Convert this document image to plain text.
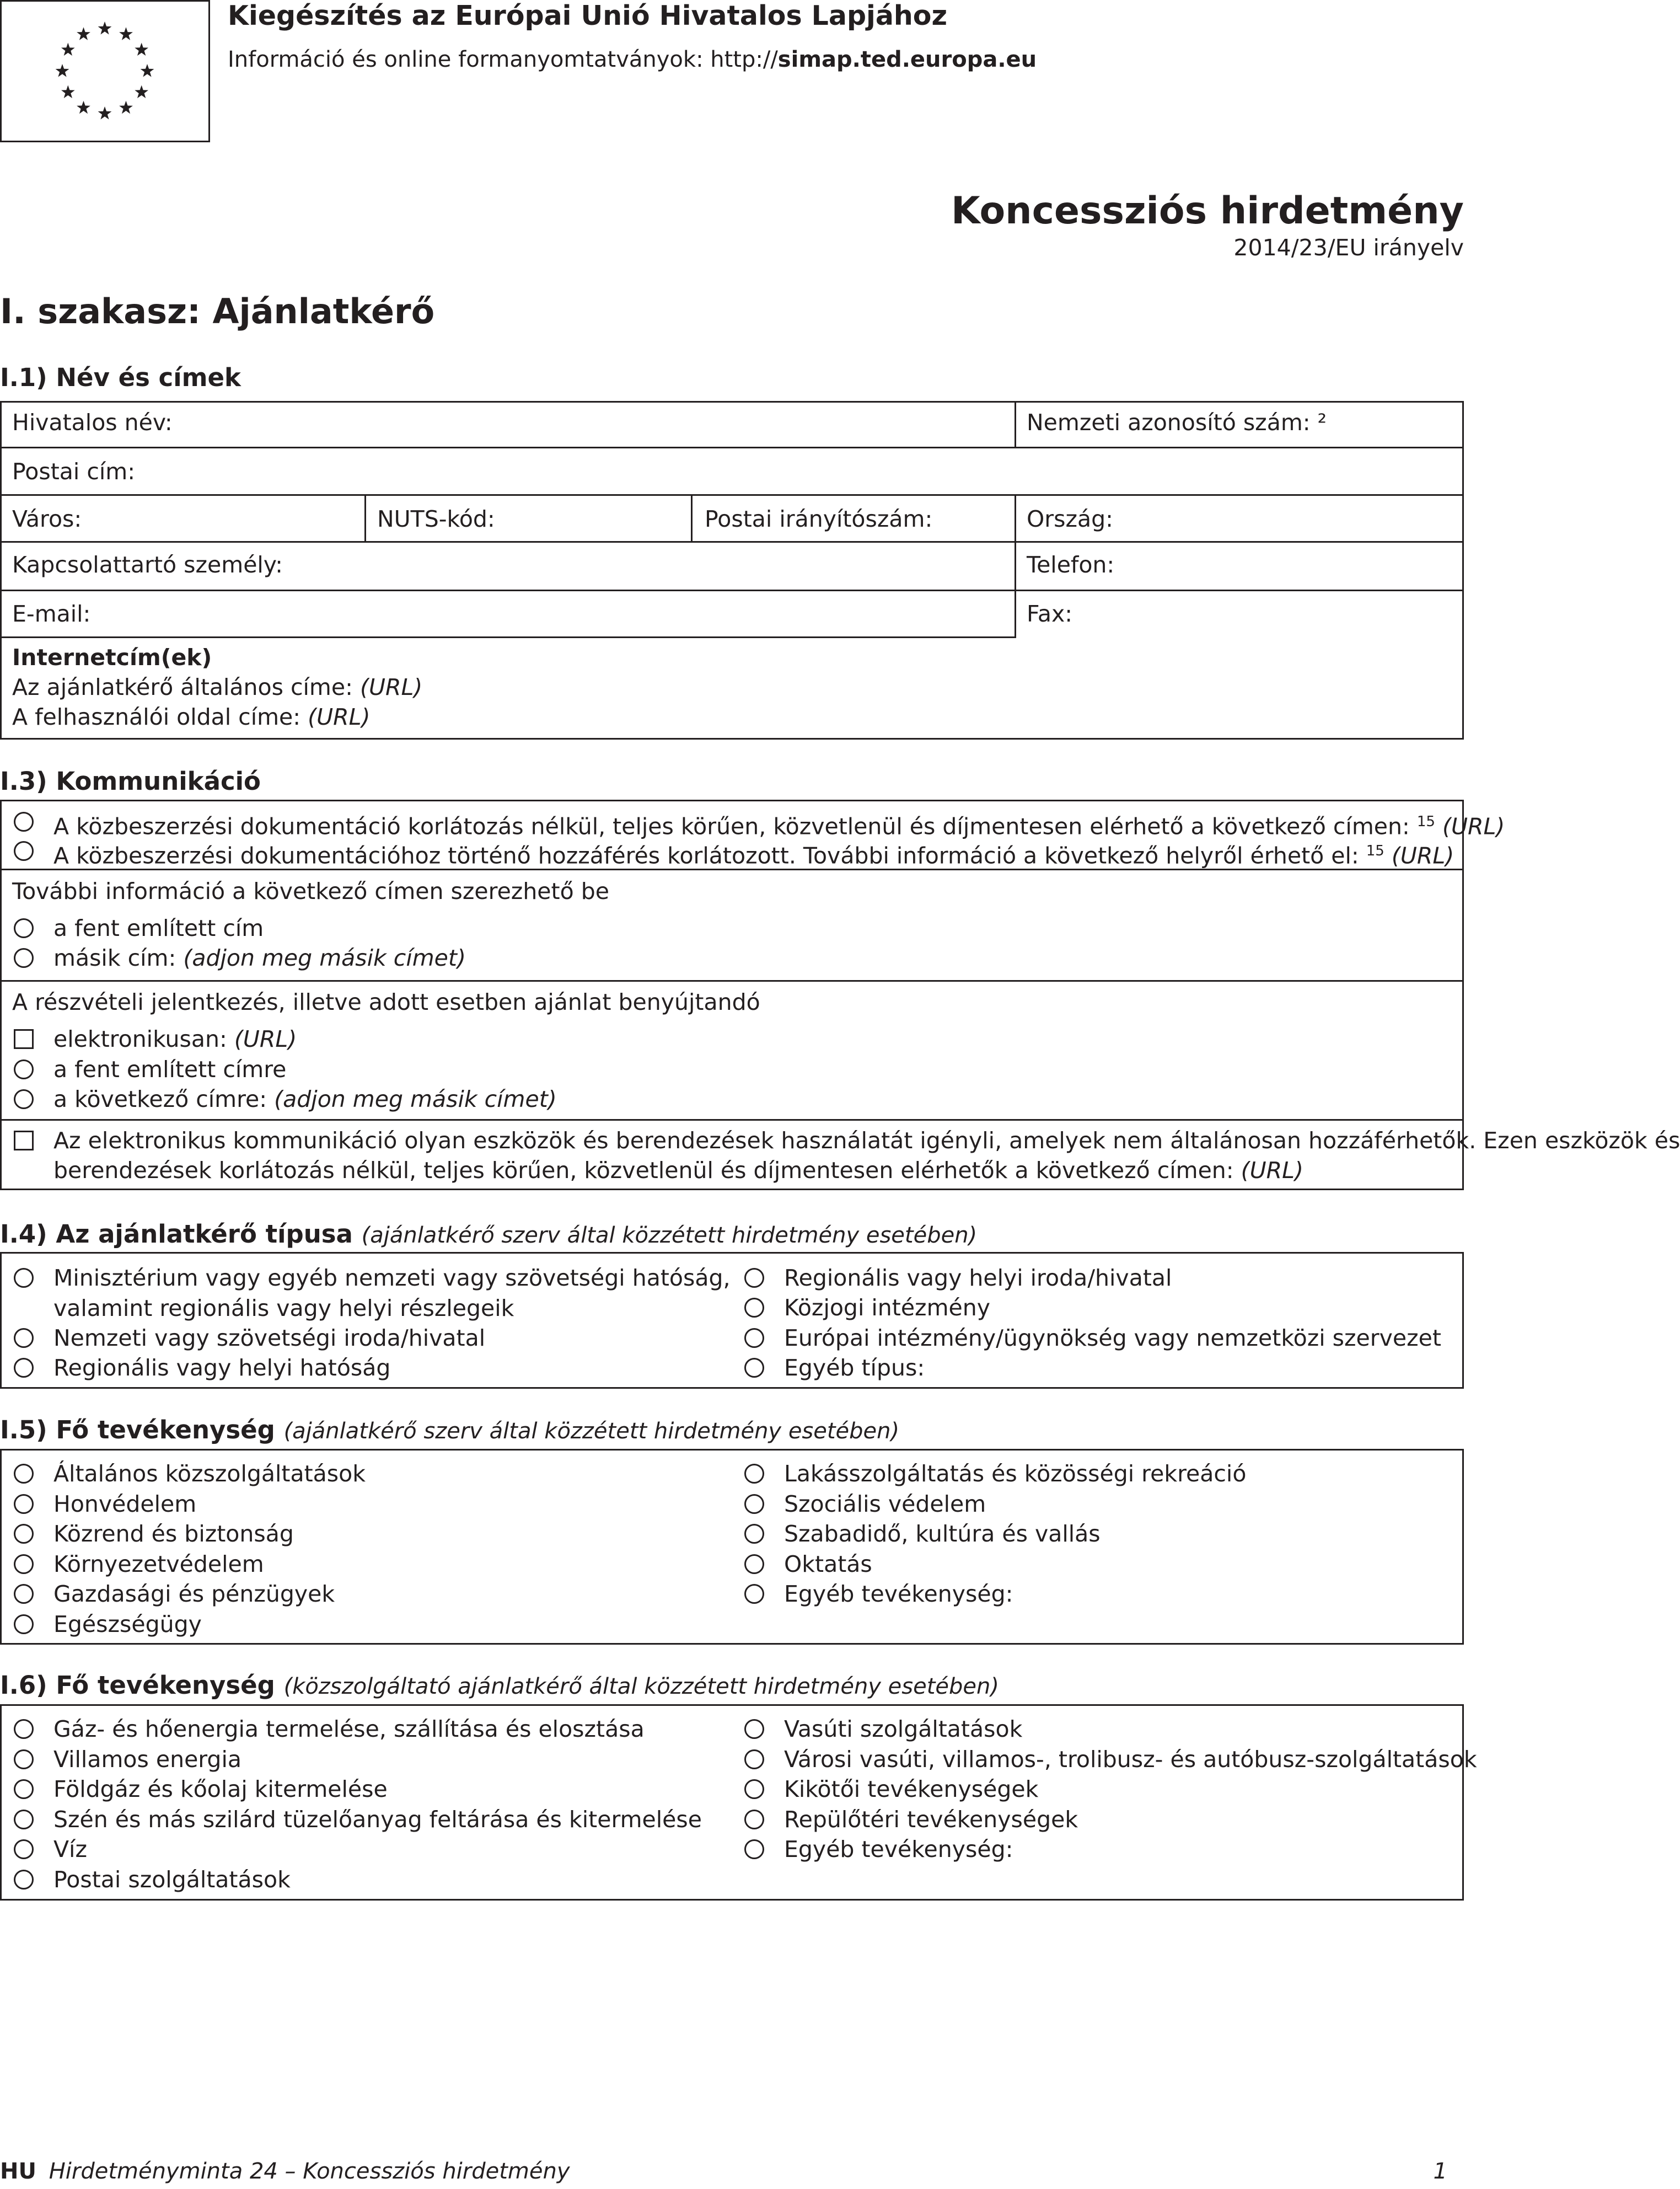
Kiegészítés az Európai Unió Hivatalos Lapjához
Információ és online formanyomtatványok: http://simap.ted.europa.eu
Koncessziós hirdetmény
2014/23/EU irányelv
I. szakasz: Ajánlatkérő
I.1) Név és címek
Hivatalos név:	Nemzeti azonosító szám: ²
Postai cím:
Város:	NUTS-kód:	Postai irányítószám:	Ország:
Kapcsolattartó személy:	Telefon:
E-mail:	Fax:
Internetcím(ek)
Az ajánlatkérő általános címe: (URL)
A felhasználói oldal címe: (URL)
I.3) Kommunikáció
A közbeszerzési dokumentáció korlátozás nélkül, teljes körűen, közvetlenül és díjmentesen elérhető a következő címen: $^{15}$ (URL)
A közbeszerzési dokumentációhoz történő hozzáférés korlátozott. További információ a következő helyről érhető el: $^{15}$ (URL)
További információ a következő címen szerezhető be
a fent említett cím
másik cím: (adjon meg másik címet)
A részvételi jelentkezés, illetve adott esetben ajánlat benyújtandó
elektronikusan: (URL)
a fent említett címre
a következő címre: (adjon meg másik címet)
Az elektronikus kommunikáció olyan eszközök és berendezések használatát igényli, amelyek nem általánosan hozzáférhetők. Ezen eszközök és
berendezések korlátozás nélkül, teljes körűen, közvetlenül és díjmentesen elérhetők a következő címen: (URL)
I.4) Az ajánlatkérő típusa (ajánlatkérő szerv által közzétett hirdetmény esetében)
Minisztérium vagy egyéb nemzeti vagy szövetségi hatóság,
valamint regionális vagy helyi részlegeik
Nemzeti vagy szövetségi iroda/hivatal
Regionális vagy helyi hatóság
Regionális vagy helyi iroda/hivatal
Közjogi intézmény
Európai intézmény/ügynökség vagy nemzetközi szervezet
Egyéb típus:
I.5) Fő tevékenység (ajánlatkérő szerv által közzétett hirdetmény esetében)
Általános közszolgáltatások
Honvédelem
Közrend és biztonság
Környezetvédelem
Gazdasági és pénzügyek
Egészségügy
Lakásszolgáltatás és közösségi rekreáció
Szociális védelem
Szabadidő, kultúra és vallás
Oktatás
Egyéb tevékenység:
I.6) Fő tevékenység (közszolgáltató ajánlatkérő által közzétett hirdetmény esetében)
Gáz- és hőenergia termelése, szállítása és elosztása
Villamos energia
Földgáz és kőolaj kitermelése
Szén és más szilárd tüzelőanyag feltárása és kitermelése
Víz
Postai szolgáltatások
Vasúti szolgáltatások
Városi vasúti, villamos-, trolibusz- és autóbusz-szolgáltatások
Kikötői tevékenységek
Repülőtéri tevékenységek
Egyéb tevékenység:
HU Hirdetményminta 24 – Koncessziós hirdetmény	1
